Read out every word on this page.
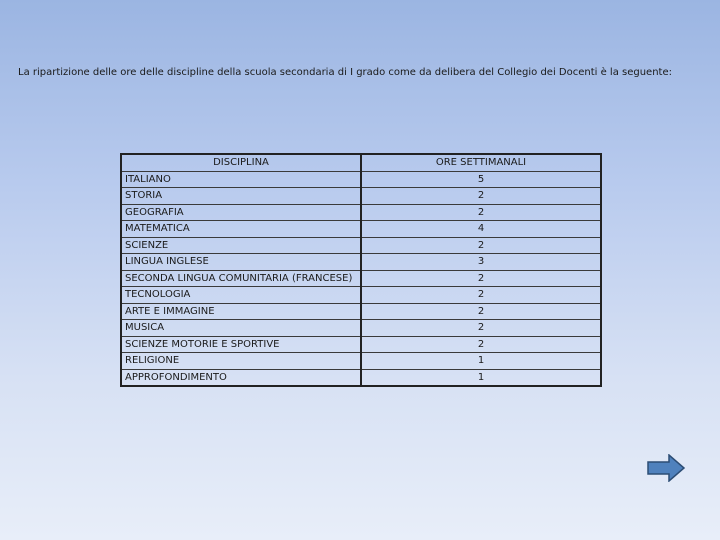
La ripartizione delle ore delle discipline della scuola secondaria di I grado come da delibera del Collegio dei Docenti è la seguente:
DISCIPLINA	ORE SETTIMANALI
ITALIANO	5
STORIA	2
GEOGRAFIA	2
MATEMATICA	4
SCIENZE	2
LINGUA INGLESE	3
SECONDA LINGUA COMUNITARIA (FRANCESE)	2
TECNOLOGIA	2
ARTE E IMMAGINE	2
MUSICA	2
SCIENZE MOTORIE E SPORTIVE	2
RELIGIONE	1
APPROFONDIMENTO	1
